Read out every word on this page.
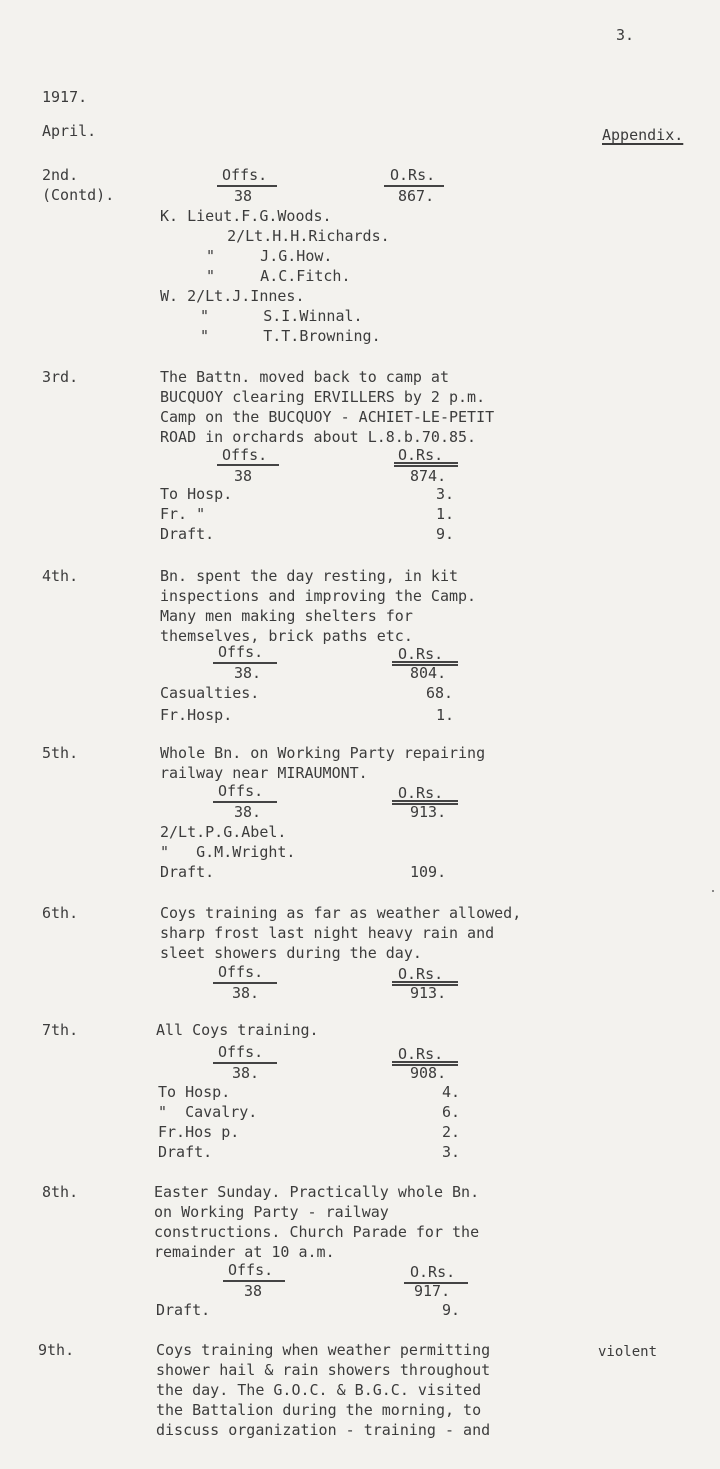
3.
1917.
April.	Appendix.
2nd.
(Contd).
Offs.	O.Rs.
38	867.
K. Lieut.F.G.Woods.
2/Lt.H.H.Richards.
"     J.G.How.
"     A.C.Fitch.
W. 2/Lt.J.Innes.
"      S.I.Winnal.
"      T.T.Browning.
3rd.	The Battn. moved back to camp at
BUCQUOY clearing ERVILLERS by 2 p.m.
Camp on the BUCQUOY - ACHIET-LE-PETIT
ROAD in orchards about L.8.b.70.85.
Offs.	O.Rs.
38	874.
To Hosp.	3.
Fr. "	1.
Draft.	9.
4th.	Bn. spent the day resting, in kit
inspections and improving the Camp.
Many men making shelters for
themselves, brick paths etc.
Offs.	O.Rs.
38.	804.
Casualties.	68.
Fr.Hosp.	1.
5th.	Whole Bn. on Working Party repairing
railway near MIRAUMONT.
Offs.	O.Rs.
38.	913.
2/Lt.P.G.Abel.
"   G.M.Wright.
Draft.	109.
6th.	Coys training as far as weather allowed,
sharp frost last night heavy rain and
sleet showers during the day.
Offs.	O.Rs.
38.	913.
7th.	All Coys training.
Offs.	O.Rs.
38.	908.
To Hosp.	4.
"  Cavalry.	6.
Fr.Hos p.	2.
Draft.	3.
8th.	Easter Sunday. Practically whole Bn.
on Working Party - railway
constructions. Church Parade for the
remainder at 10 a.m.
Offs.	O.Rs.
38	917.
Draft.	9.
9th.	Coys training when weather permitting	violent
shower hail & rain showers throughout
the day. The G.O.C. & B.G.C. visited
the Battalion during the morning, to
discuss organization - training - and
